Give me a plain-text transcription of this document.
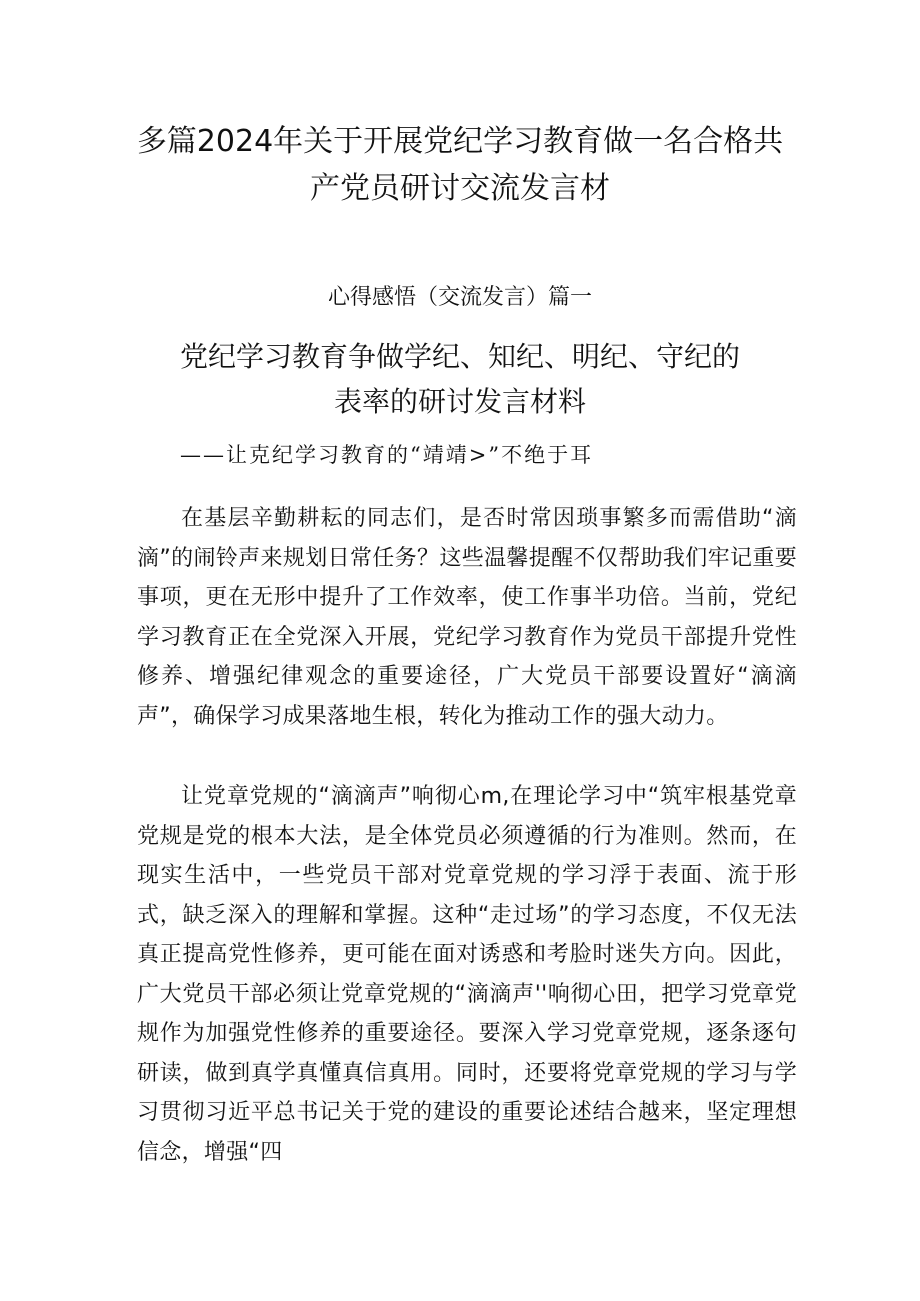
多篇2024年关于开展党纪学习教育做一名合格共
产党员研讨交流发言材

心得感悟（交流发言）篇一

党纪学习教育争做学纪、知纪、明纪、守纪的
表率的研讨发言材料

——让克纪学习教育的“靖靖>”不绝于耳

在基层辛勤耕耘的同志们，是否时常因琐事繁多而需借助“滴滴”的闹铃声来规划日常任务？这些温馨提醒不仅帮助我们牢记重要事项，更在无形中提升了工作效率，使工作事半功倍。当前，党纪学习教育正在全党深入开展，党纪学习教育作为党员干部提升党性修养、增强纪律观念的重要途径，广大党员干部要设置好“滴滴声”，确保学习成果落地生根，转化为推动工作的强大动力。

让党章党规的“滴滴声”响彻心m,在理论学习中“筑牢根基党章党规是党的根本大法，是全体党员必须遵循的行为准则。然而，在现实生活中，一些党员干部对党章党规的学习浮于表面、流于形式，缺乏深入的理解和掌握。这种“走过场”的学习态度，不仅无法真正提高党性修养，更可能在面对诱惑和考脸时迷失方向。因此，广大党员干部必须让党章党规的“滴滴声''响彻心田，把学习党章党规作为加强党性修养的重要途径。要深入学习党章党规，逐条逐句研读，做到真学真懂真信真用。同时，还要将党章党规的学习与学习贯彻习近平总书记关于党的建设的重要论述结合越来，坚定理想信念，增强“四
